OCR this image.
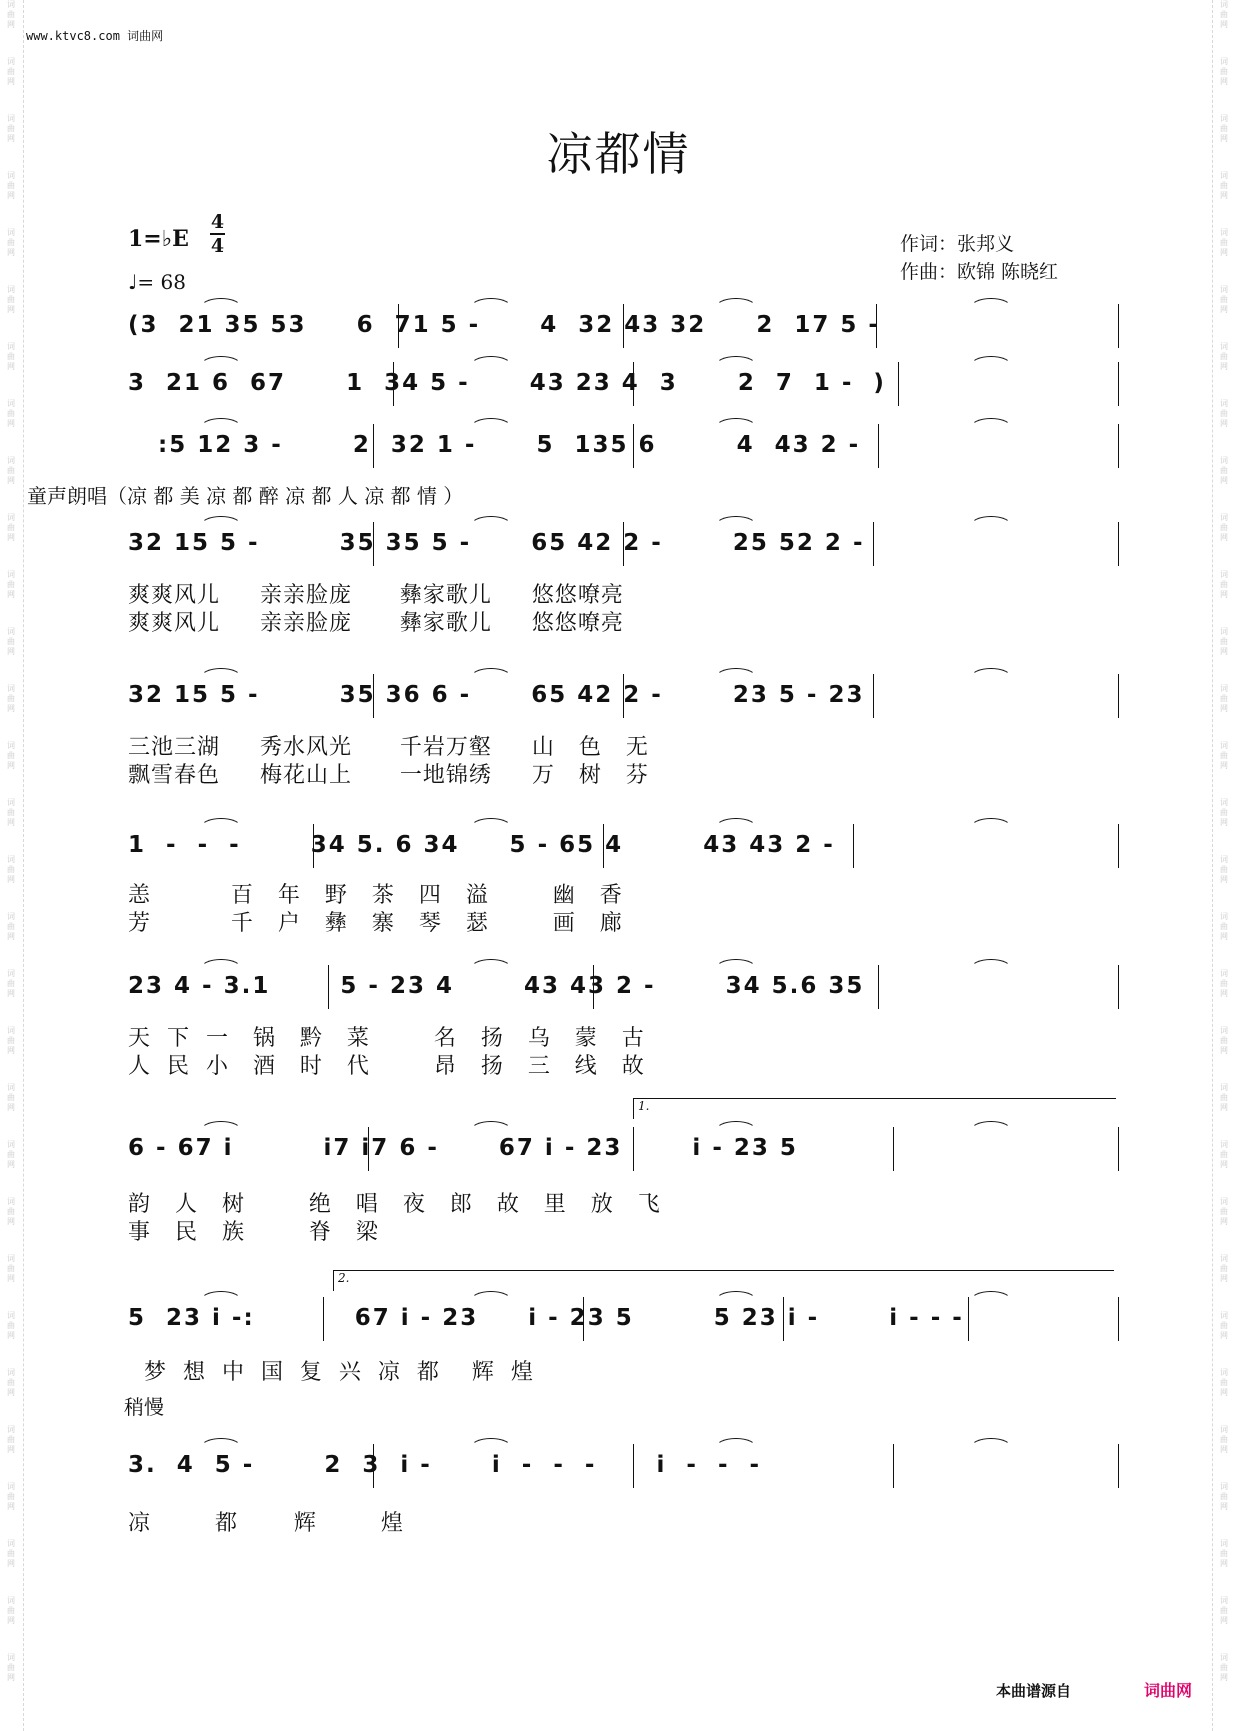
词
曲
网
词
曲
网
词
曲
网
词
曲
网
词
曲
网
词
曲
网
词
曲
网
词
曲
网
词
曲
网
词
曲
网
词
曲
网
词
曲
网
词
曲
网
词
曲
网
词
曲
网
词
曲
网
词
曲
网
词
曲
网
词
曲
网
词
曲
网
词
曲
网
词
曲
网
词
曲
网
词
曲
网
词
曲
网
词
曲
网
词
曲
网
词
曲
网
词
曲
网
词
曲
网
词
曲
网
词
曲
网
词
曲
网
词
曲
网
词
曲
网
词
曲
网
词
曲
网
词
曲
网
词
曲
网
词
曲
网
词
曲
网
词
曲
网
词
曲
网
词
曲
网
词
曲
网
词
曲
网
词
曲
网
词
曲
网
词
曲
网
词
曲
网
词
曲
网
词
曲
网
词
曲
网
词
曲
网
词
曲
网
词
曲
网
词
曲
网
词
曲
网
词
曲
网
词
曲
网
www.ktvc8.com 词曲网
凉都情
1=♭E
4
4
♩= 68
作词：张邦义
作曲：欧锦 陈晓红
童声朗唱（凉 都 美 凉 都 醉 凉 都 人 凉 都 情 ）
稍慢
1.
2.
(3  21 35 53     6  71 5 -      4  32 43 32     2  17 5 -
3  21 6  67      1  34 5 -      43 23 4  3      2  7  1 -  )
:5 12 3 -       2  32 1 -      5  135 6        4  43 2 -
32 15 5 -        35 35 5 -      65 42 2 -       25 52 2 -
32 15 5 -        35 36 6 -      65 42 2 -       23 5 - 23
1  -  -  -       34 5. 6 34     5 - 65 4        43 43 2 -
23 4 - 3.1       5 - 23 4       43 43 2 -       34 5.6 35
6 - 67 i         i7 i7 6 -      67 i - 23       i - 23 5
5  23 i -:          67 i - 23     i - 23 5        5 23 i -       i - - -
3.  4  5 -       2  3  i -      i  -  -  -      i  -  -  -
爽爽风儿     亲亲脸庞      彝家歌儿     悠悠嘹亮
爽爽风儿     亲亲脸庞      彝家歌儿     悠悠嘹亮
三池三湖     秀水风光      千岩万壑     山   色   无
飘雪春色     梅花山上      一地锦绣     万   树   芬
恙          百   年   野   茶   四   溢        幽   香
芳          千   户   彝   寨   琴   瑟        画   廊
天  下  一   锅   黔   菜        名   扬   乌   蒙   古
人  民  小   酒   时   代        昂   扬   三   线   故
韵   人   树        绝   唱   夜   郎   故   里   放   飞
事   民   族        脊   梁
梦  想  中  国  复  兴  凉  都    辉  煌
凉        都       辉        煌
本曲谱源自	词曲网
